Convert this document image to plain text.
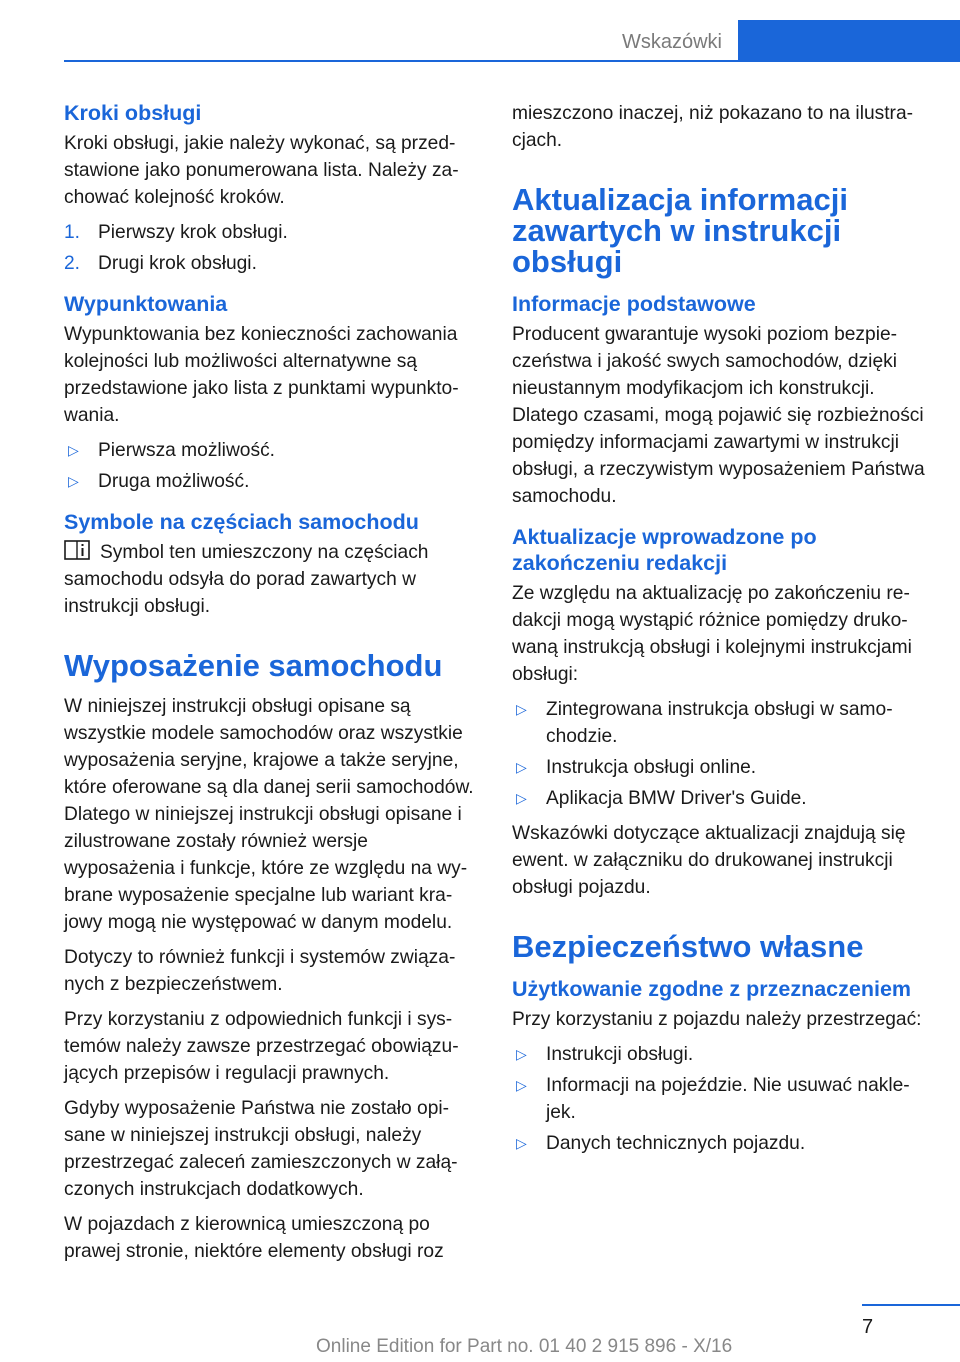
Wskazówki
Kroki obsługi

Kroki obsługi, jakie należy wykonać, są przedstawione jako ponumerowana lista. Należy zachować kolejność kroków.

1. Pierwszy krok obsługi.
2. Drugi krok obsługi.
Wypunktowania

Wypunktowania bez konieczności zachowania kolejności lub możliwości alternatywne są przedstawione jako lista z punktami wypunktowania.

▷ Pierwsza możliwość.
▷ Druga możliwość.
Symbole na częściach samochodu

Symbol ten umieszczony na częściach samochodu odsyła do porad zawartych w instrukcji obsługi.

Wyposażenie samochodu

W niniejszej instrukcji obsługi opisane są wszystkie modele samochodów oraz wszystkie wyposażenia seryjne, krajowe a także seryjne, które oferowane są dla danej serii samochodów. Dlatego w niniejszej instrukcji obsługi opisane i zilustrowane zostały również wersje wyposażenia i funkcje, które ze względu na wybrane wyposażenie specjalne lub wariant krajowy mogą nie występować w danym modelu.

Dotyczy to również funkcji i systemów związanych z bezpieczeństwem.

Przy korzystaniu z odpowiednich funkcji i systemów należy zawsze przestrzegać obowiązujących przepisów i regulacji prawnych.

Gdyby wyposażenie Państwa nie zostało opisane w niniejszej instrukcji obsługi, należy przestrzegać zaleceń zamieszczonych w załączonych instrukcjach dodatkowych.

W pojazdach z kierownicą umieszczoną po prawej stronie, niektóre elementy obsługi roz

mieszczono inaczej, niż pokazano to na ilustracjach.

Aktualizacja informacji zawartych w instrukcji obsługi
Informacje podstawowe

Producent gwarantuje wysoki poziom bezpieczeństwa i jakość swych samochodów, dzięki nieustannym modyfikacjom ich konstrukcji. Dlatego czasami, mogą pojawić się rozbieżności pomiędzy informacjami zawartymi w instrukcji obsługi, a rzeczywistym wyposażeniem Państwa samochodu.

Aktualizacje wprowadzone po zakończeniu redakcji

Ze względu na aktualizację po zakończeniu redakcji mogą wystąpić różnice pomiędzy drukowaną instrukcją obsługi i kolejnymi instrukcjami obsługi:

▷ Zintegrowana instrukcja obsługi w samochodzie.
▷ Instrukcja obsługi online.
▷ Aplikacja BMW Driver's Guide.

Wskazówki dotyczące aktualizacji znajdują się ewent. w załączniku do drukowanej instrukcji obsługi pojazdu.

Bezpieczeństwo własne
Użytkowanie zgodne z przeznaczeniem

Przy korzystaniu z pojazdu należy przestrzegać:

▷ Instrukcji obsługi.
▷ Informacji na pojeździe. Nie usuwać naklejek.
▷ Danych technicznych pojazdu.
7
Online Edition for Part no. 01 40 2 915 896 - X/16
